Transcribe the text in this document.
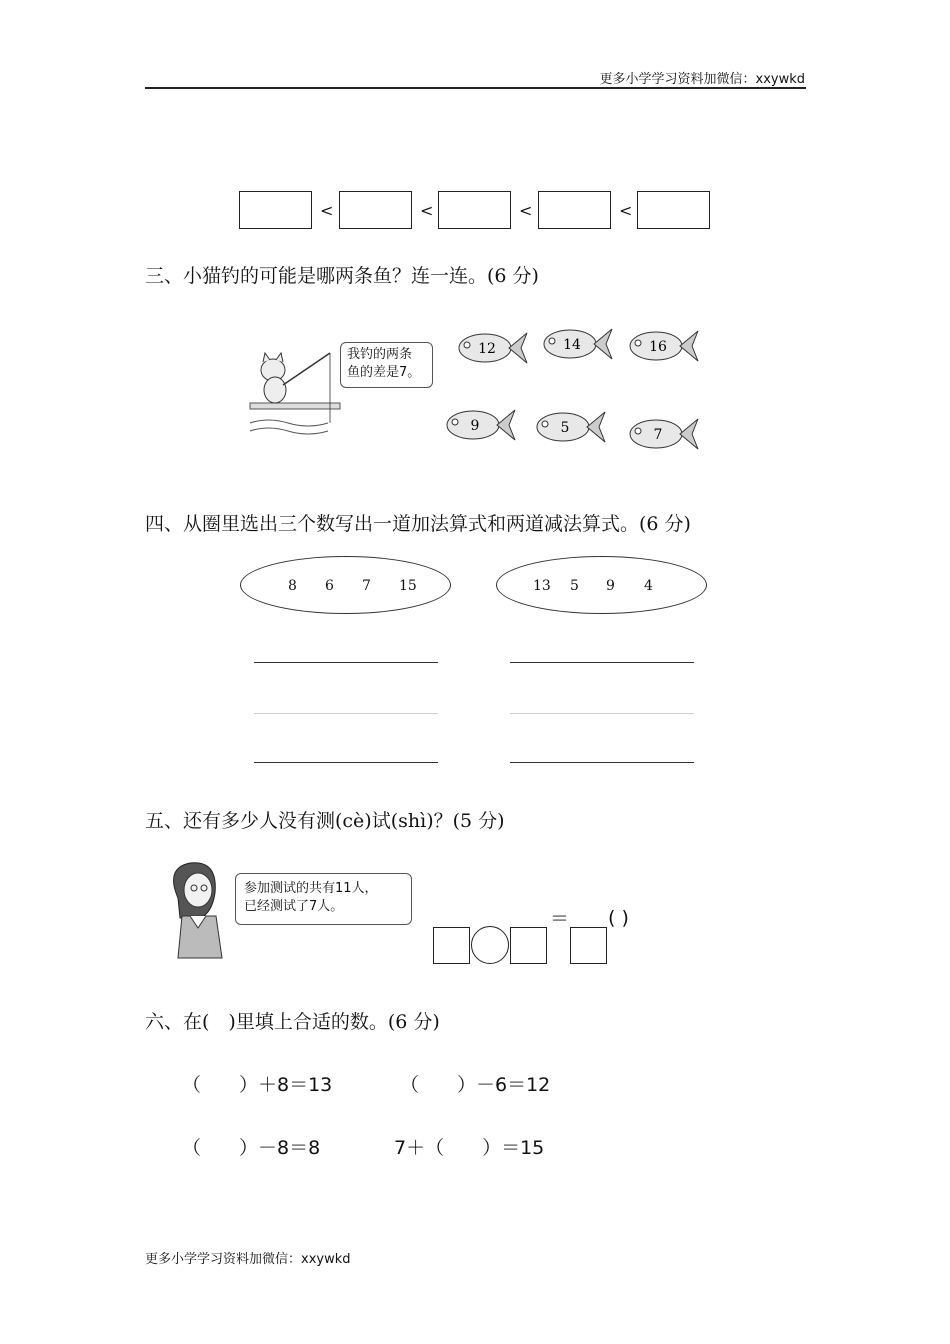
更多小学学习资料加微信：xxywkd
<	<	<	<
三、小猫钓的可能是哪两条鱼？连一连。(6 分)
我钓的两条
鱼的差是7。
12	14	16
9	5	7
四、从圈里选出三个数写出一道加法算式和两道减法算式。(6 分)
8 6 7 15	13 5 9 4
五、还有多少人没有测(cè)试(shì)？(5 分)
参加测试的共有11人，
已经测试了7人。
＝ ( )
六、在(　)里填上合适的数。(6 分)
（　　）＋8＝13	（　　）－6＝12
（　　）－8＝8	7＋（　　）＝15
更多小学学习资料加微信：xxywkd
